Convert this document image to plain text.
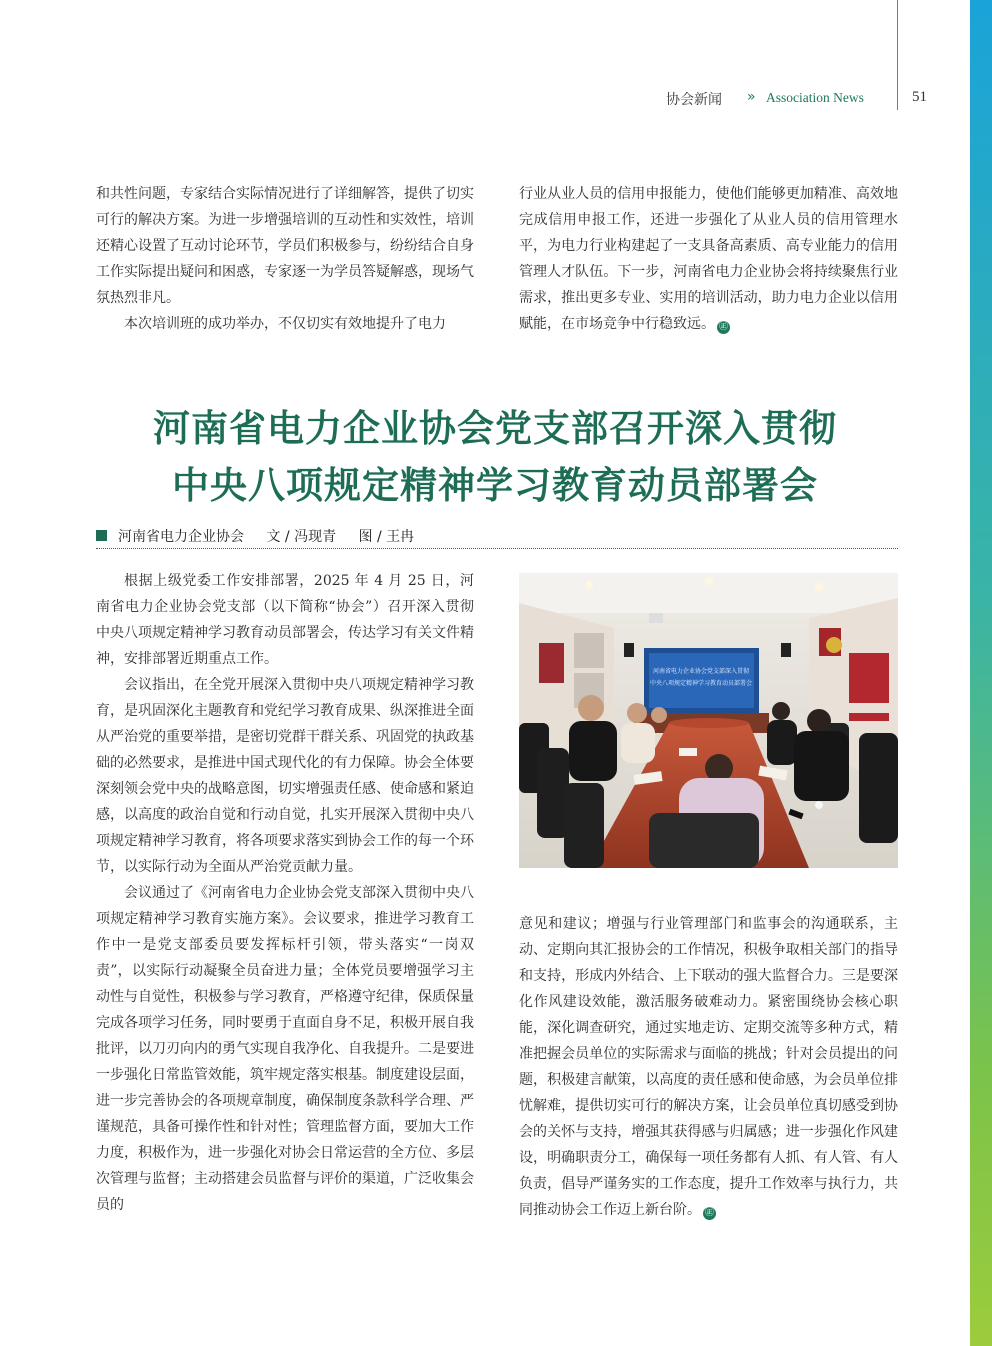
协会新闻 » Association News	51

和共性问题，专家结合实际情况进行了详细解答，提供了切实可行的解决方案。为进一步增强培训的互动性和实效性，培训还精心设置了互动讨论环节，学员们积极参与，纷纷结合自身工作实际提出疑问和困惑，专家逐一为学员答疑解惑，现场气氛热烈非凡。

本次培训班的成功举办，不仅切实有效地提升了电力

行业从业人员的信用申报能力，使他们能够更加精准、高效地完成信用申报工作，还进一步强化了从业人员的信用管理水平，为电力行业构建起了一支具备高素质、高专业能力的信用管理人才队伍。下一步，河南省电力企业协会将持续聚焦行业需求，推出更多专业、实用的培训活动，助力电力企业以信用赋能，在市场竞争中行稳致远。 ㊣

河南省电力企业协会党支部召开深入贯彻
中央八项规定精神学习教育动员部署会
河南省电力企业协会 文 / 冯现青 图 / 王冉

根据上级党委工作安排部署，2025 年 4 月 25 日，河南省电力企业协会党支部（以下简称“协会”）召开深入贯彻中央八项规定精神学习教育动员部署会，传达学习有关文件精神，安排部署近期重点工作。

会议指出，在全党开展深入贯彻中央八项规定精神学习教育，是巩固深化主题教育和党纪学习教育成果、纵深推进全面从严治党的重要举措，是密切党群干群关系、巩固党的执政基础的必然要求，是推进中国式现代化的有力保障。协会全体要深刻领会党中央的战略意图，切实增强责任感、使命感和紧迫感，以高度的政治自觉和行动自觉，扎实开展深入贯彻中央八项规定精神学习教育，将各项要求落实到协会工作的每一个环节，以实际行动为全面从严治党贡献力量。

会议通过了《河南省电力企业协会党支部深入贯彻中央八项规定精神学习教育实施方案》。会议要求，推进学习教育工作中一是党支部委员要发挥标杆引领，带头落实“一岗双责”，以实际行动凝聚全员奋进力量；全体党员要增强学习主动性与自觉性，积极参与学习教育，严格遵守纪律，保质保量完成各项学习任务，同时要勇于直面自身不足，积极开展自我批评，以刀刃向内的勇气实现自我净化、自我提升。二是要进一步强化日常监管效能，筑牢规定落实根基。制度建设层面，进一步完善协会的各项规章制度，确保制度条款科学合理、严谨规范，具备可操作性和针对性；管理监督方面，要加大工作力度，积极作为，进一步强化对协会日常运营的全方位、多层次管理与监督；主动搭建会员监督与评价的渠道，广泛收集会员的

河南省电力企业协会党支部深入贯彻
中央八项规定精神学习教育动员部署会

意见和建议；增强与行业管理部门和监事会的沟通联系，主动、定期向其汇报协会的工作情况，积极争取相关部门的指导和支持，形成内外结合、上下联动的强大监督合力。三是要深化作风建设效能，激活服务破难动力。紧密围绕协会核心职能，深化调查研究，通过实地走访、定期交流等多种方式，精准把握会员单位的实际需求与面临的挑战；针对会员提出的问题，积极建言献策，以高度的责任感和使命感，为会员单位排忧解难，提供切实可行的解决方案，让会员单位真切感受到协会的关怀与支持，增强其获得感与归属感；进一步强化作风建设，明确职责分工，确保每一项任务都有人抓、有人管、有人负责，倡导严谨务实的工作态度，提升工作效率与执行力，共同推动协会工作迈上新台阶。 ㊣
